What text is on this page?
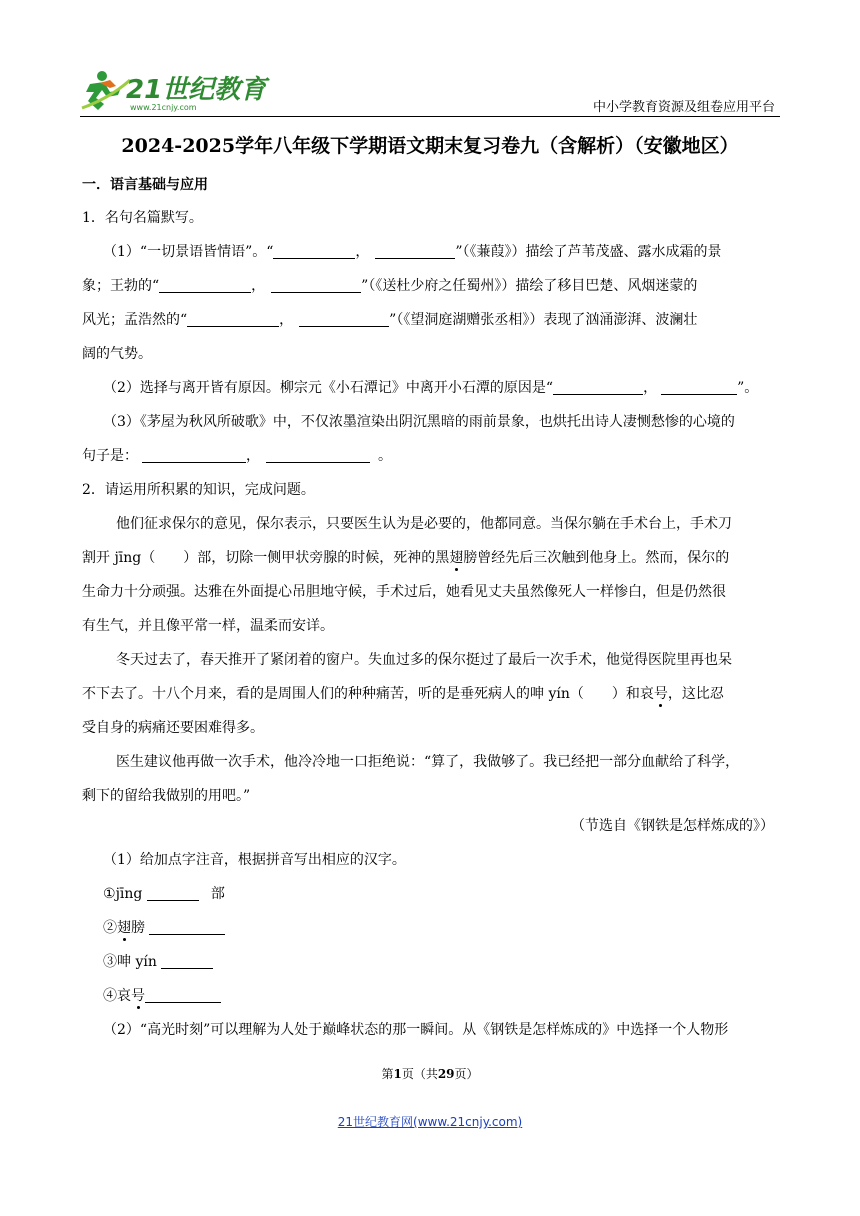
21世纪教育
www.21cnjy.com	中小学教育资源及组卷应用平台
2024-2025学年八年级下学期语文期末复习卷九（含解析）（安徽地区）
一．语言基础与应用
1．名句名篇默写。
（1）“一切景语皆情语”。“	，	”（《蒹葭》）描绘了芦苇茂盛、露水成霜的景
象；王勃的“	，	”（《送杜少府之任蜀州》）描绘了移目巴楚、风烟迷蒙的
风光；孟浩然的“	，	”（《望洞庭湖赠张丞相》）表现了汹涌澎湃、波澜壮
阔的气势。
（2）选择与离开皆有原因。柳宗元《小石潭记》中离开小石潭的原因是“	，	”。
（3）《茅屋为秋风所破歌》中，不仅浓墨渲染出阴沉黑暗的雨前景象，也烘托出诗人凄恻愁惨的心境的
句子是：	，	。
2．请运用所积累的知识，完成问题。
他们征求保尔的意见，保尔表示，只要医生认为是必要的，他都同意。当保尔躺在手术台上，手术刀
割开 jīng（　　）部，切除一侧甲状旁腺的时候，死神的黑翅膀曾经先后三次触到他身上。然而，保尔的
生命力十分顽强。达雅在外面提心吊胆地守候，手术过后，她看见丈夫虽然像死人一样惨白，但是仍然很
有生气，并且像平常一样，温柔而安详。
冬天过去了，春天推开了紧闭着的窗户。失血过多的保尔挺过了最后一次手术，他觉得医院里再也呆
不下去了。十八个月来，看的是周围人们的种种痛苦，听的是垂死病人的呻 yín（　　）和哀号，这比忍
受自身的病痛还要困难得多。
医生建议他再做一次手术，他冷冷地一口拒绝说：“算了，我做够了。我已经把一部分血献给了科学，
剩下的留给我做别的用吧。”
（节选自《钢铁是怎样炼成的》）
（1）给加点字注音，根据拼音写出相应的汉字。
①jīng	部
②翅膀
③呻 yín
④哀号
（2）“高光时刻”可以理解为人处于巅峰状态的那一瞬间。从《钢铁是怎样炼成的》中选择一个人物形
第1页（共29页）
21世纪教育网(www.21cnjy.com)
